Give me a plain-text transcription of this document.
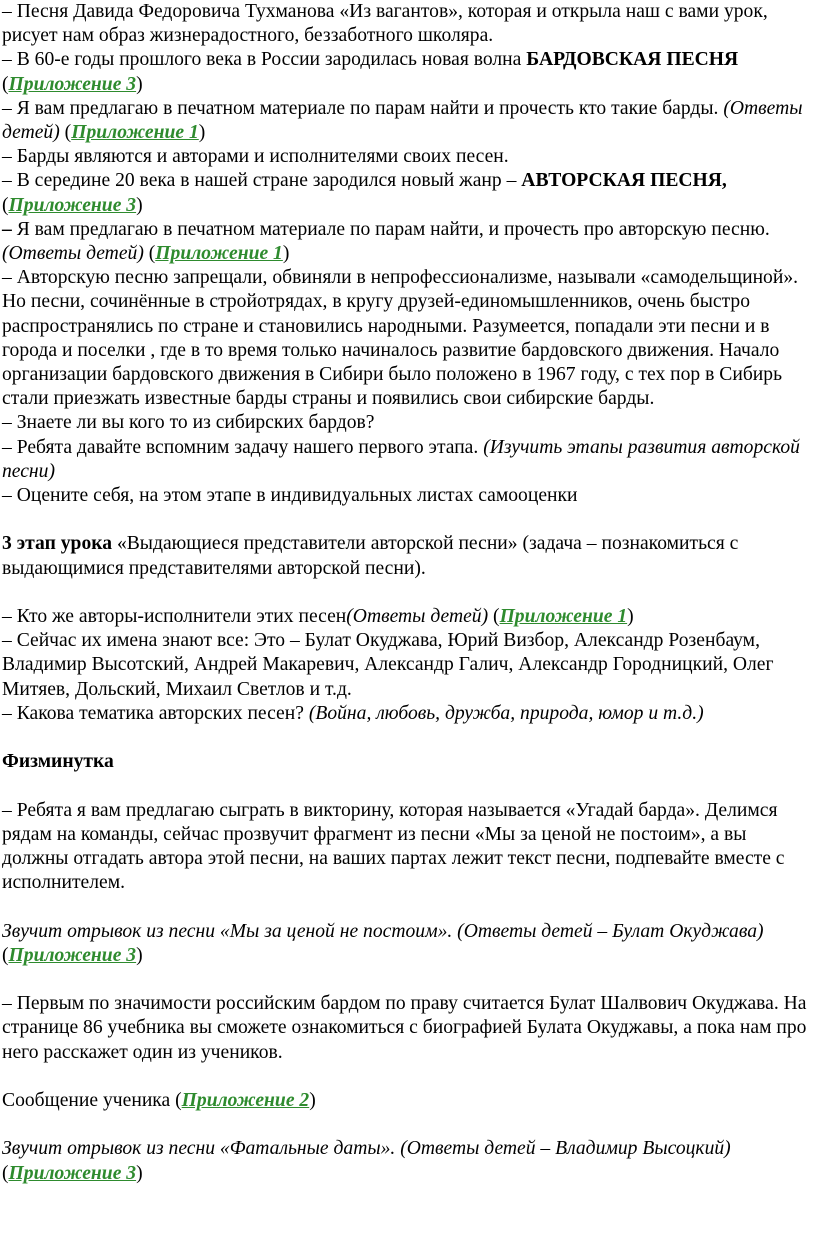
– Песня Давида Федоровича Тухманова «Из вагантов», которая и открыла наш с вами урок, рисует нам образ жизнерадостного, беззаботного школяра.

– В 60-е годы прошлого века в России зародилась новая волна БАРДОВСКАЯ ПЕСНЯ (Приложение 3)

– Я вам предлагаю в печатном материале по парам найти и прочесть кто такие барды. (Ответы детей) (Приложение 1)

– Барды являются и авторами и исполнителями своих песен.

– В середине 20 века в нашей стране зародился новый жанр – АВТОРСКАЯ ПЕСНЯ, (Приложение 3)

– Я вам предлагаю в печатном материале по парам найти, и прочесть про авторскую песню. (Ответы детей) (Приложение 1)

– Авторскую песню запрещали, обвиняли в непрофессионализме, называли «самодельщиной». Но песни, сочинённые в стройотрядах, в кругу друзей-единомышленников, очень быстро распространялись по стране и становились народными. Разумеется, попадали эти песни и в города и поселки , где в то время только начиналось развитие бардовского движения. Начало организации бардовского движения в Сибири было положено в 1967 году, с тех пор в Сибирь стали приезжать известные барды страны и появились свои сибирские барды.

– Знаете ли вы кого то из сибирских бардов?

– Ребята давайте вспомним задачу нашего первого этапа. (Изучить этапы развития авторской песни)

– Оцените себя, на этом этапе в индивидуальных листах самооценки

3 этап урока «Выдающиеся представители авторской песни» (задача – познакомиться с выдающимися представителями авторской песни).

– Кто же авторы-исполнители этих песен(Ответы детей) (Приложение 1)

– Сейчас их имена знают все: Это – Булат Окуджава, Юрий Визбор, Александр Розенбаум, Владимир Высотский, Андрей Макаревич, Александр Галич, Александр Городницкий, Олег Митяев, Дольский, Михаил Светлов и т.д.

– Какова тематика авторских песен? (Война, любовь, дружба, природа, юмор и т.д.)

Физминутка

– Ребята я вам предлагаю сыграть в викторину, которая называется «Угадай барда». Делимся рядам на команды, сейчас прозвучит фрагмент из песни «Мы за ценой не постоим», а вы должны отгадать автора этой песни, на ваших партах лежит текст песни, подпевайте вместе с исполнителем.

Звучит отрывок из песни «Мы за ценой не постоим». (Ответы детей – Булат Окуджава) (Приложение 3)

– Первым по значимости российским бардом по праву считается Булат Шалвович Окуджава. На странице 86 учебника вы сможете ознакомиться с биографией Булата Окуджавы, а пока нам про него расскажет один из учеников.

Сообщение ученика (Приложение 2)

Звучит отрывок из песни «Фатальные даты». (Ответы детей – Владимир Высоцкий) (Приложение 3)
